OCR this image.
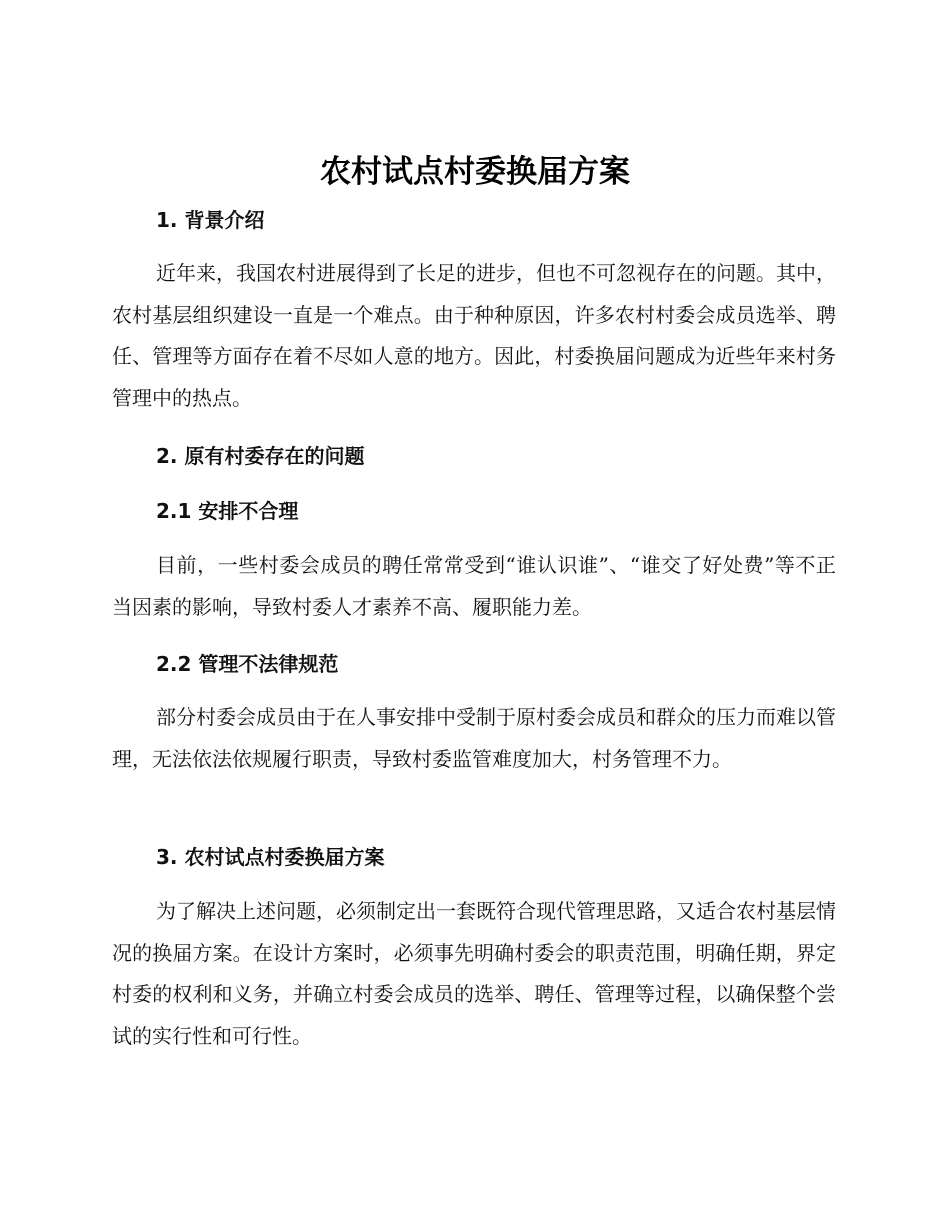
农村试点村委换届方案
1. 背景介绍

近年来，我国农村进展得到了长足的进步，但也不可忽视存在的问题。其中，农村基层组织建设一直是一个难点。由于种种原因，许多农村村委会成员选举、聘任、管理等方面存在着不尽如人意的地方。因此，村委换届问题成为近些年来村务管理中的热点。

2. 原有村委存在的问题
2.1 安排不合理

目前，一些村委会成员的聘任常常受到“谁认识谁”、“谁交了好处费”等不正当因素的影响，导致村委人才素养不高、履职能力差。

2.2 管理不法律规范

部分村委会成员由于在人事安排中受制于原村委会成员和群众的压力而难以管理，无法依法依规履行职责，导致村委监管难度加大，村务管理不力。

3. 农村试点村委换届方案

为了解决上述问题，必须制定出一套既符合现代管理思路，又适合农村基层情况的换届方案。在设计方案时，必须事先明确村委会的职责范围，明确任期，界定村委的权利和义务，并确立村委会成员的选举、聘任、管理等过程，以确保整个尝试的实行性和可行性。
